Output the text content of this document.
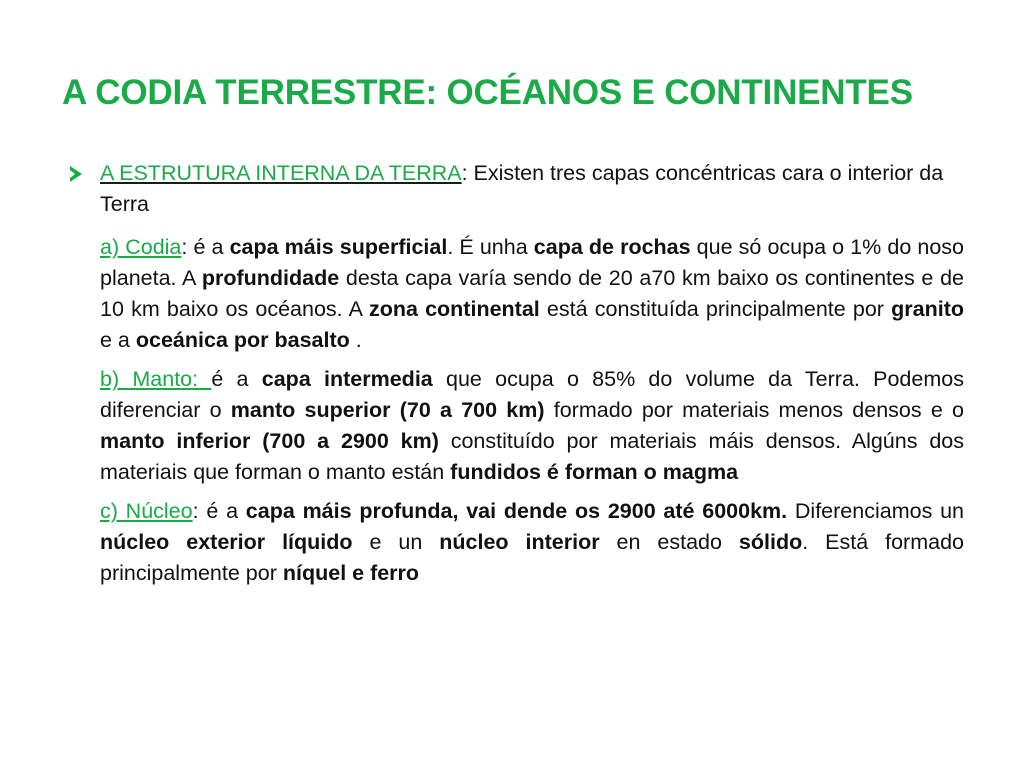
A CODIA TERRESTRE: OCÉANOS E CONTINENTES

A ESTRUTURA INTERNA DA TERRA: Existen tres capas concéntricas cara o interior da Terra

a) Codia: é a capa máis superficial. É unha capa de rochas que só ocupa o 1% do noso planeta. A profundidade desta capa varía sendo de 20 a70 km baixo os continentes e de 10 km baixo os océanos. A zona continental está constituída principalmente por granito e a oceánica por basalto .

b) Manto: é a capa intermedia que ocupa o 85% do volume da Terra. Podemos diferenciar o manto superior (70 a 700 km) formado por materiais menos densos e o manto inferior (700 a 2900 km) constituído por materiais máis densos. Algúns dos materiais que forman o manto están fundidos é forman o magma

c) Núcleo: é a capa máis profunda, vai dende os 2900 até 6000km. Diferenciamos un núcleo exterior líquido e un núcleo interior en estado sólido. Está formado principalmente por níquel e ferro
